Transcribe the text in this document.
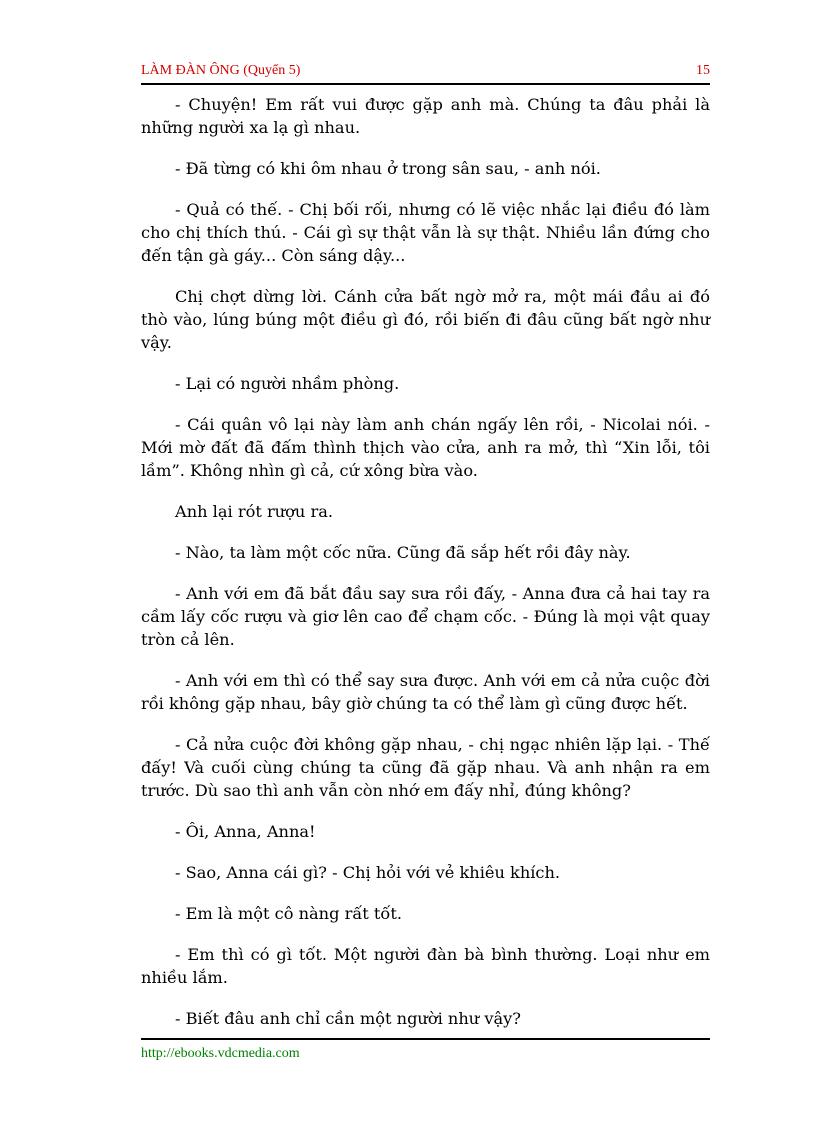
LÀM ĐÀN ÔNG (Quyển 5)	15

- Chuyện! Em rất vui được gặp anh mà. Chúng ta đâu phải là những người xa lạ gì nhau.

- Đã từng có khi ôm nhau ở trong sân sau, - anh nói.

- Quả có thế. - Chị bối rối, nhưng có lẽ việc nhắc lại điều đó làm cho chị thích thú. - Cái gì sự thật vẫn là sự thật. Nhiều lần đứng cho đến tận gà gáy... Còn sáng dậy...

Chị chợt dừng lời. Cánh cửa bất ngờ mở ra, một mái đầu ai đó thò vào, lúng búng một điều gì đó, rồi biến đi đâu cũng bất ngờ như vậy.

- Lại có người nhầm phòng.

- Cái quân vô lại này làm anh chán ngấy lên rồi, - Nicolai nói. - Mới mờ đất đã đấm thình thịch vào cửa, anh ra mở, thì “Xin lỗi, tôi lầm”. Không nhìn gì cả, cứ xông bừa vào.

Anh lại rót rượu ra.

- Nào, ta làm một cốc nữa. Cũng đã sắp hết rồi đây này.

- Anh với em đã bắt đầu say sưa rồi đấy, - Anna đưa cả hai tay ra cầm lấy cốc rượu và giơ lên cao để chạm cốc. - Đúng là mọi vật quay tròn cả lên.

- Anh với em thì có thể say sưa được. Anh với em cả nửa cuộc đời rồi không gặp nhau, bây giờ chúng ta có thể làm gì cũng được hết.

- Cả nửa cuộc đời không gặp nhau, - chị ngạc nhiên lặp lại. - Thế đấy! Và cuối cùng chúng ta cũng đã gặp nhau. Và anh nhận ra em trước. Dù sao thì anh vẫn còn nhớ em đấy nhỉ, đúng không?

- Ôi, Anna, Anna!

- Sao, Anna cái gì? - Chị hỏi với vẻ khiêu khích.

- Em là một cô nàng rất tốt.

- Em thì có gì tốt. Một người đàn bà bình thường. Loại như em nhiều lắm.

- Biết đâu anh chỉ cần một người như vậy?

http://ebooks.vdcmedia.com
